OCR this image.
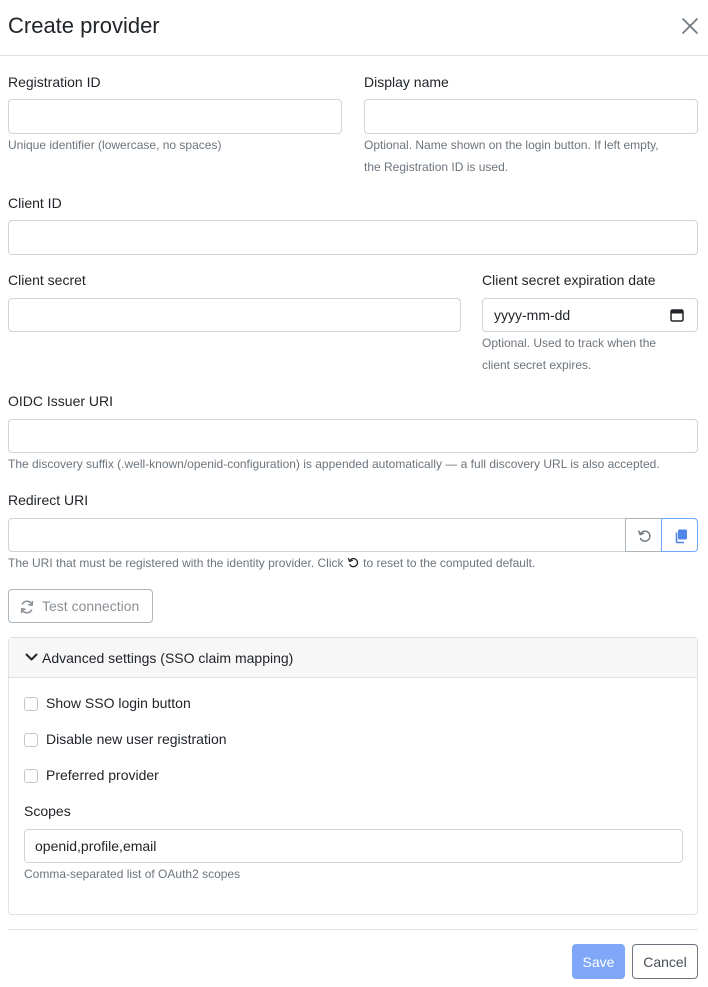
Create provider
Registration ID
Unique identifier (lowercase, no spaces)
Display name
Optional. Name shown on the login button. If left empty,
the Registration ID is used.
Client ID
Client secret	Client secret expiration date
yyyy-mm-dd
Optional. Used to track when the
client secret expires.
OIDC Issuer URI
The discovery suffix (.well-known/openid-configuration) is appended automatically — a full discovery URL is also accepted.
Redirect URI
The URI that must be registered with the identity provider. Click to reset to the computed default.
Test connection
Advanced settings (SSO claim mapping)
Show SSO login button
Disable new user registration
Preferred provider
Scopes
openid,profile,email
Comma-separated list of OAuth2 scopes
Save	Cancel
